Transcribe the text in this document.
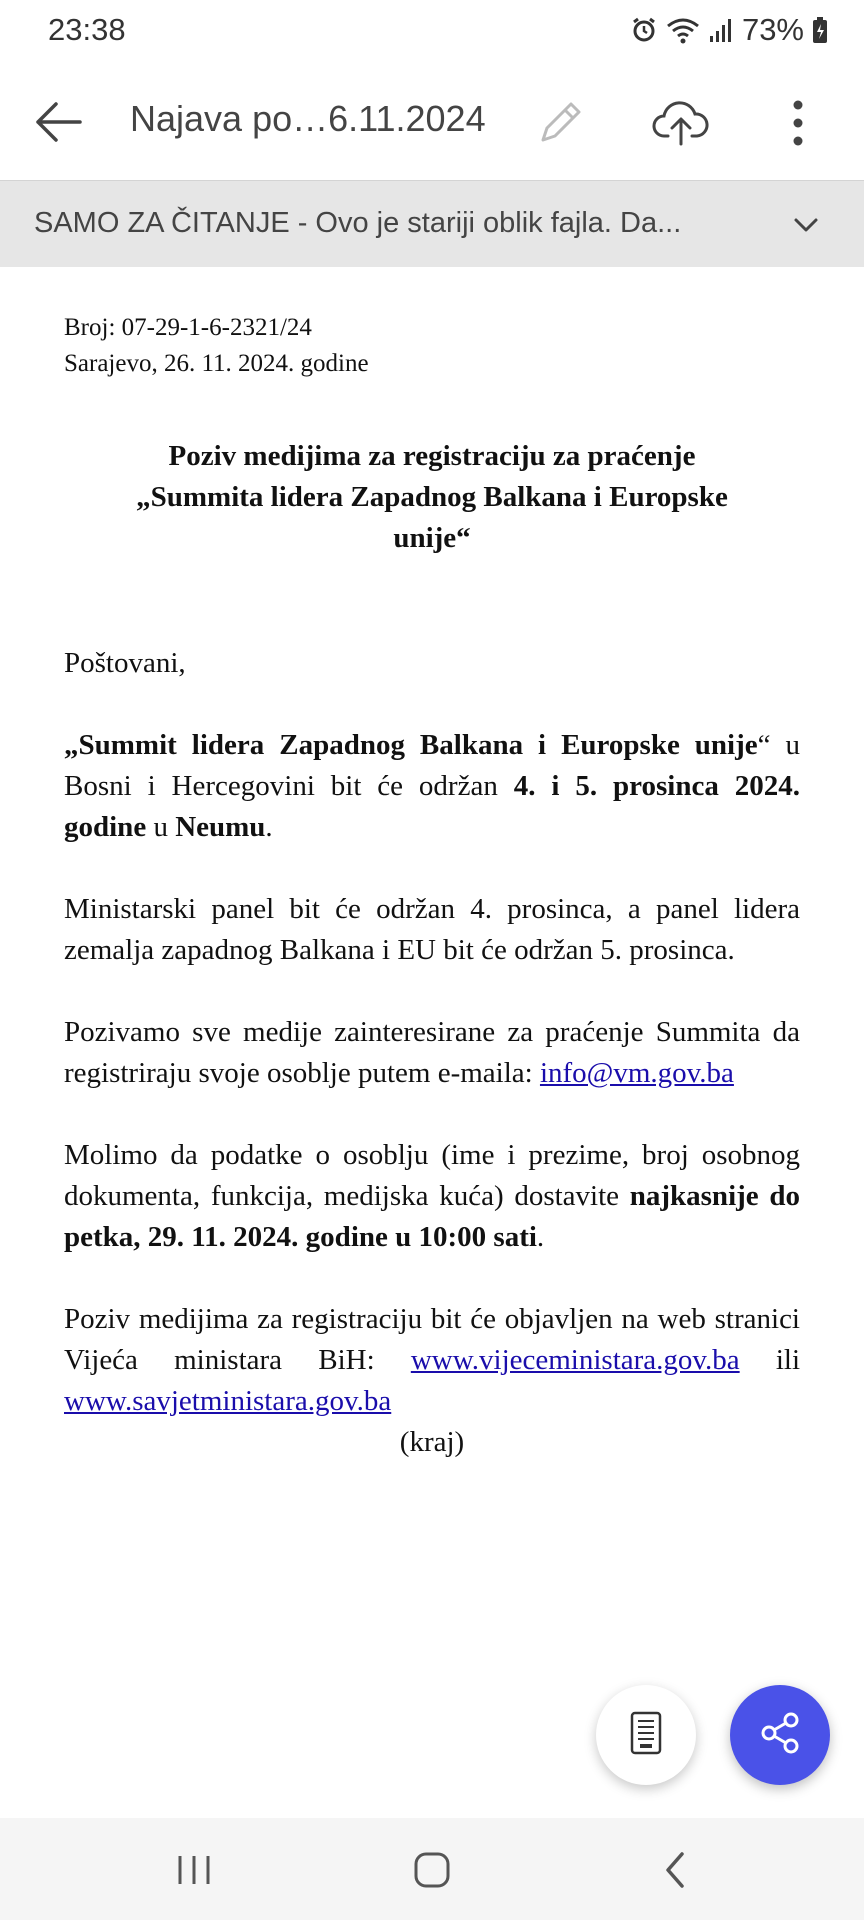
23:38	73%
Najava po…6.11.2024
SAMO ZA ČITANJE - Ovo je stariji oblik fajla. Da...
Broj: 07-29-1-6-2321/24
Sarajevo, 26. 11. 2024. godine
Poziv medijima za registraciju za praćenje
„Summita lidera Zapadnog Balkana i Europske
unije“

Poštovani,

„Summit lidera Zapadnog Balkana i Europske unije“ u Bosni i Hercegovini bit će održan 4. i 5. prosinca 2024. godine u Neumu.

Ministarski panel bit će održan 4. prosinca, a panel lidera zemalja zapadnog Balkana i EU bit će održan 5. prosinca.

Pozivamo sve medije zainteresirane za praćenje Summita da registriraju svoje osoblje putem e-maila: info@vm.gov.ba

Molimo da podatke o osoblju (ime i prezime, broj osobnog dokumenta, funkcija, medijska kuća) dostavite najkasnije do petka, 29. 11. 2024. godine u 10:00 sati.

Poziv medijima za registraciju bit će objavljen na web stranici Vijeća ministara BiH: www.vijeceministara.gov.ba ili www.savjetministara.gov.ba

(kraj)
